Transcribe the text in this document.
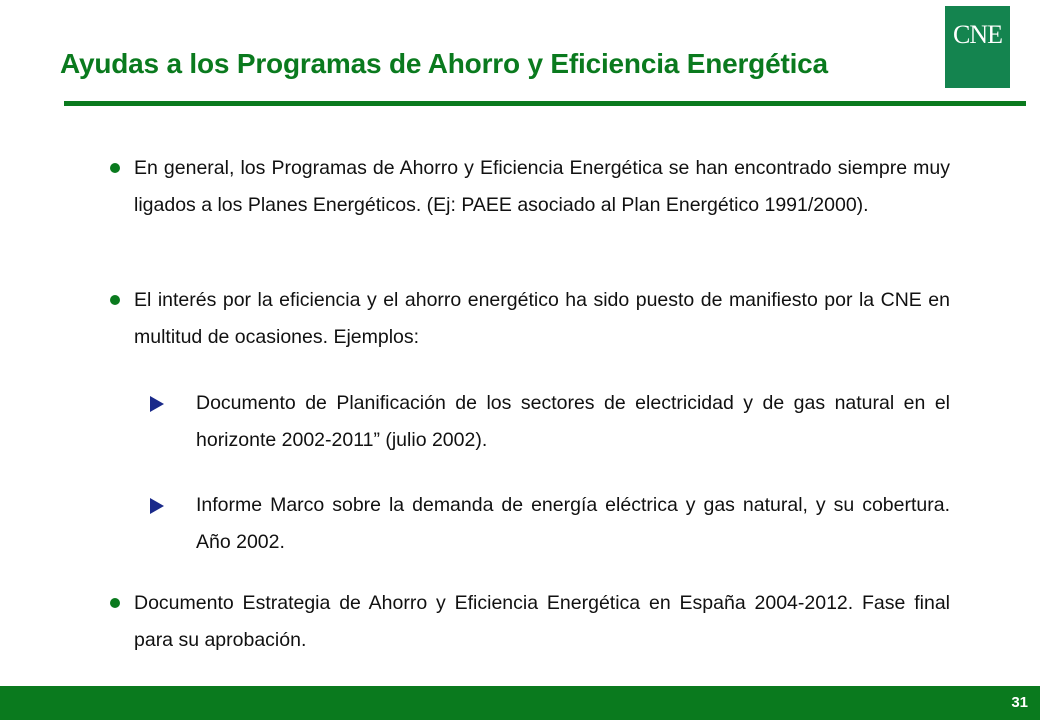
Ayudas a los Programas de Ahorro y Eficiencia Energética
CNE
En general, los Programas de Ahorro y Eficiencia Energética se han encontrado siempre muy ligados a los Planes Energéticos. (Ej: PAEE asociado al Plan Energético 1991/2000).
El interés por la eficiencia y el ahorro energético ha sido puesto de manifiesto por la CNE en multitud de ocasiones. Ejemplos:
Documento de Planificación de los sectores de electricidad y de gas natural en el horizonte 2002-2011” (julio 2002).
Informe Marco sobre la demanda de energía eléctrica y gas natural, y su cobertura. Año 2002.
Documento Estrategia de Ahorro y Eficiencia Energética en España 2004-2012. Fase final para su aprobación.
31
